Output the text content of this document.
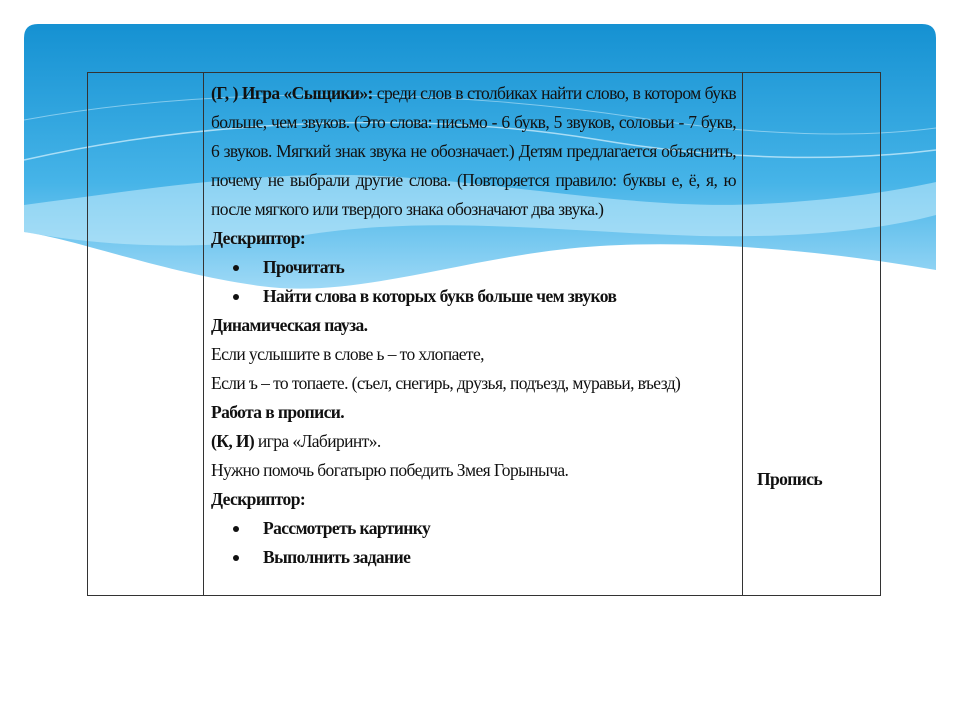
(Г, ) Игра «Сыщики»: среди слов в столбиках найти слово, в котором букв больше, чем звуков. (Это слова: письмо - 6 букв, 5 звуков, соловьи - 7 букв, 6 звуков. Мягкий знак звука не обозначает.) Детям предлагается объяснить, почему не выбрали другие слова. (Повторяется правило: буквы е, ё, я, ю после мягкого или твердого знака обозначают два звука.)
Дескриптор:
Прочитать
Найти слова в которых букв больше чем звуков
Динамическая пауза.
Если услышите в слове ь – то хлопаете,
Если ъ – то топаете. (съел, снегирь, друзья, подъезд, муравьи, въезд)
Работа в прописи.
(К, И) игра «Лабиринт».
Нужно помочь богатырю победить Змея Горыныча.
Дескриптор:
Рассмотреть картинку
Выполнить задание
Пропись
